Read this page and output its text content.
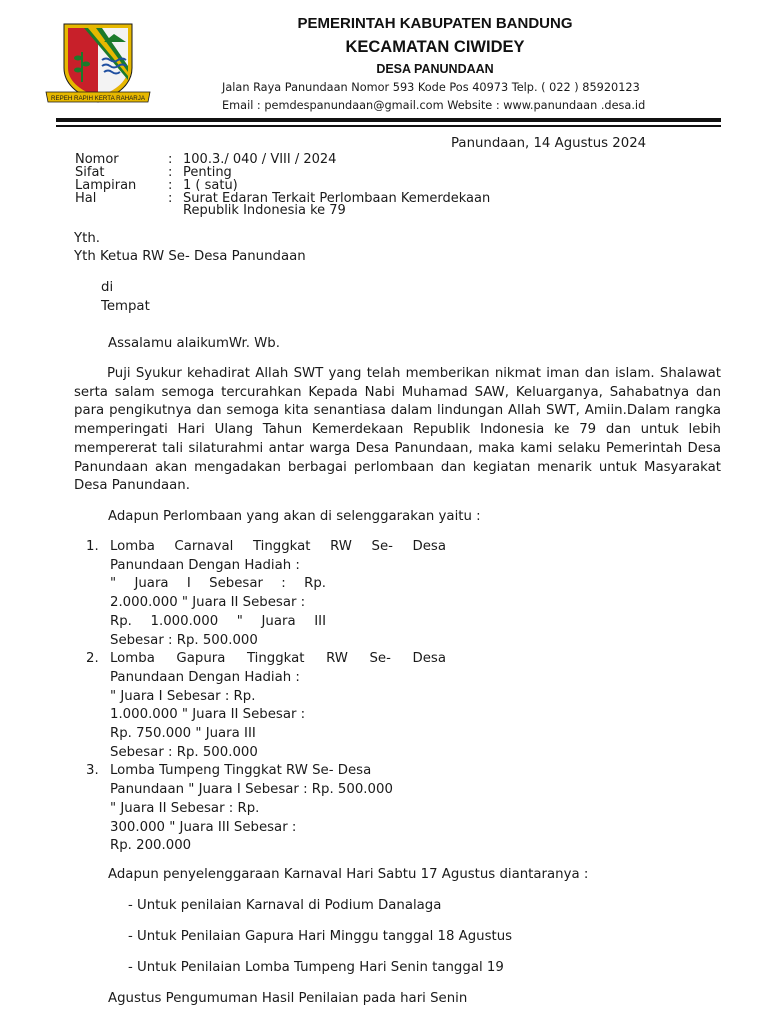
REPEH RAPIH KERTA RAHARJA
PEMERINTAH KABUPATEN BANDUNG
KECAMATAN CIWIDEY
DESA PANUNDAAN
Jalan Raya Panundaan Nomor 593 Kode Pos 40973 Telp. ( 022 ) 85920123
Email : pemdespanundaan@gmail.com Website : www.panundaan .desa.id
Panundaan, 14 Agustus 2024
Nomor	: 100.3./ 040 / VIII / 2024
Sifat	: Penting
Lampiran : 1 ( satu)
Hal	: Surat Edaran Terkait Perlombaan Kemerdekaan
Republik Indonesia ke 79
Yth.
Yth Ketua RW Se- Desa Panundaan
di
Tempat
Assalamu alaikumWr. Wb.

Puji Syukur kehadirat Allah SWT yang telah memberikan nikmat iman dan islam. Shalawat serta salam semoga tercurahkan Kepada Nabi Muhamad SAW, Keluarganya, Sahabatnya dan para pengikutnya dan semoga kita senantiasa dalam lindungan Allah SWT, Amiin.Dalam rangka memperingati Hari Ulang Tahun Kemerdekaan Republik Indonesia ke 79 dan untuk lebih mempererat tali silaturahmi antar warga Desa Panundaan, maka kami selaku Pemerintah Desa Panundaan akan mengadakan berbagai perlombaan dan kegiatan menarik untuk Masyarakat Desa Panundaan.

Adapun Perlombaan yang akan di selenggarakan yaitu :
1. Lomba Carnaval Tinggkat RW Se- Desa
Panundaan Dengan Hadiah :
" Juara I Sebesar : Rp.
2.000.000 " Juara II Sebesar :
Rp. 1.000.000 " Juara III
Sebesar : Rp. 500.000
2. Lomba Gapura Tinggkat RW Se- Desa
Panundaan Dengan Hadiah :
" Juara I Sebesar : Rp.
1.000.000 " Juara II Sebesar :
Rp. 750.000 " Juara III
Sebesar : Rp. 500.000
3. Lomba Tumpeng Tinggkat RW Se- Desa
Panundaan " Juara I Sebesar : Rp. 500.000
" Juara II Sebesar : Rp.
300.000 " Juara III Sebesar :
Rp. 200.000
Adapun penyelenggaraan Karnaval Hari Sabtu 17 Agustus diantaranya :
- Untuk penilaian Karnaval di Podium Danalaga
- Untuk Penilaian Gapura Hari Minggu tanggal 18 Agustus
- Untuk Penilaian Lomba Tumpeng Hari Senin tanggal 19
Agustus Pengumuman Hasil Penilaian pada hari Senin
